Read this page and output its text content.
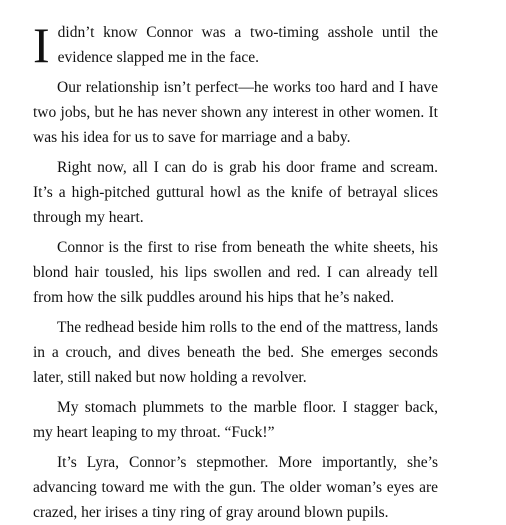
I didn’t know Connor was a two-timing asshole until the evidence slapped me in the face.

Our relationship isn’t perfect—he works too hard and I have two jobs, but he has never shown any interest in other women. It was his idea for us to save for marriage and a baby.

Right now, all I can do is grab his door frame and scream. It’s a high-pitched guttural howl as the knife of betrayal slices through my heart.

Connor is the first to rise from beneath the white sheets, his blond hair tousled, his lips swollen and red. I can already tell from how the silk puddles around his hips that he’s naked.

The redhead beside him rolls to the end of the mattress, lands in a crouch, and dives beneath the bed. She emerges seconds later, still naked but now holding a revolver.

My stomach plummets to the marble floor. I stagger back, my heart leaping to my throat. “Fuck!”

It’s Lyra, Connor’s stepmother. More importantly, she’s advancing toward me with the gun. The older woman’s eyes are crazed, her irises a tiny ring of gray around blown pupils.
